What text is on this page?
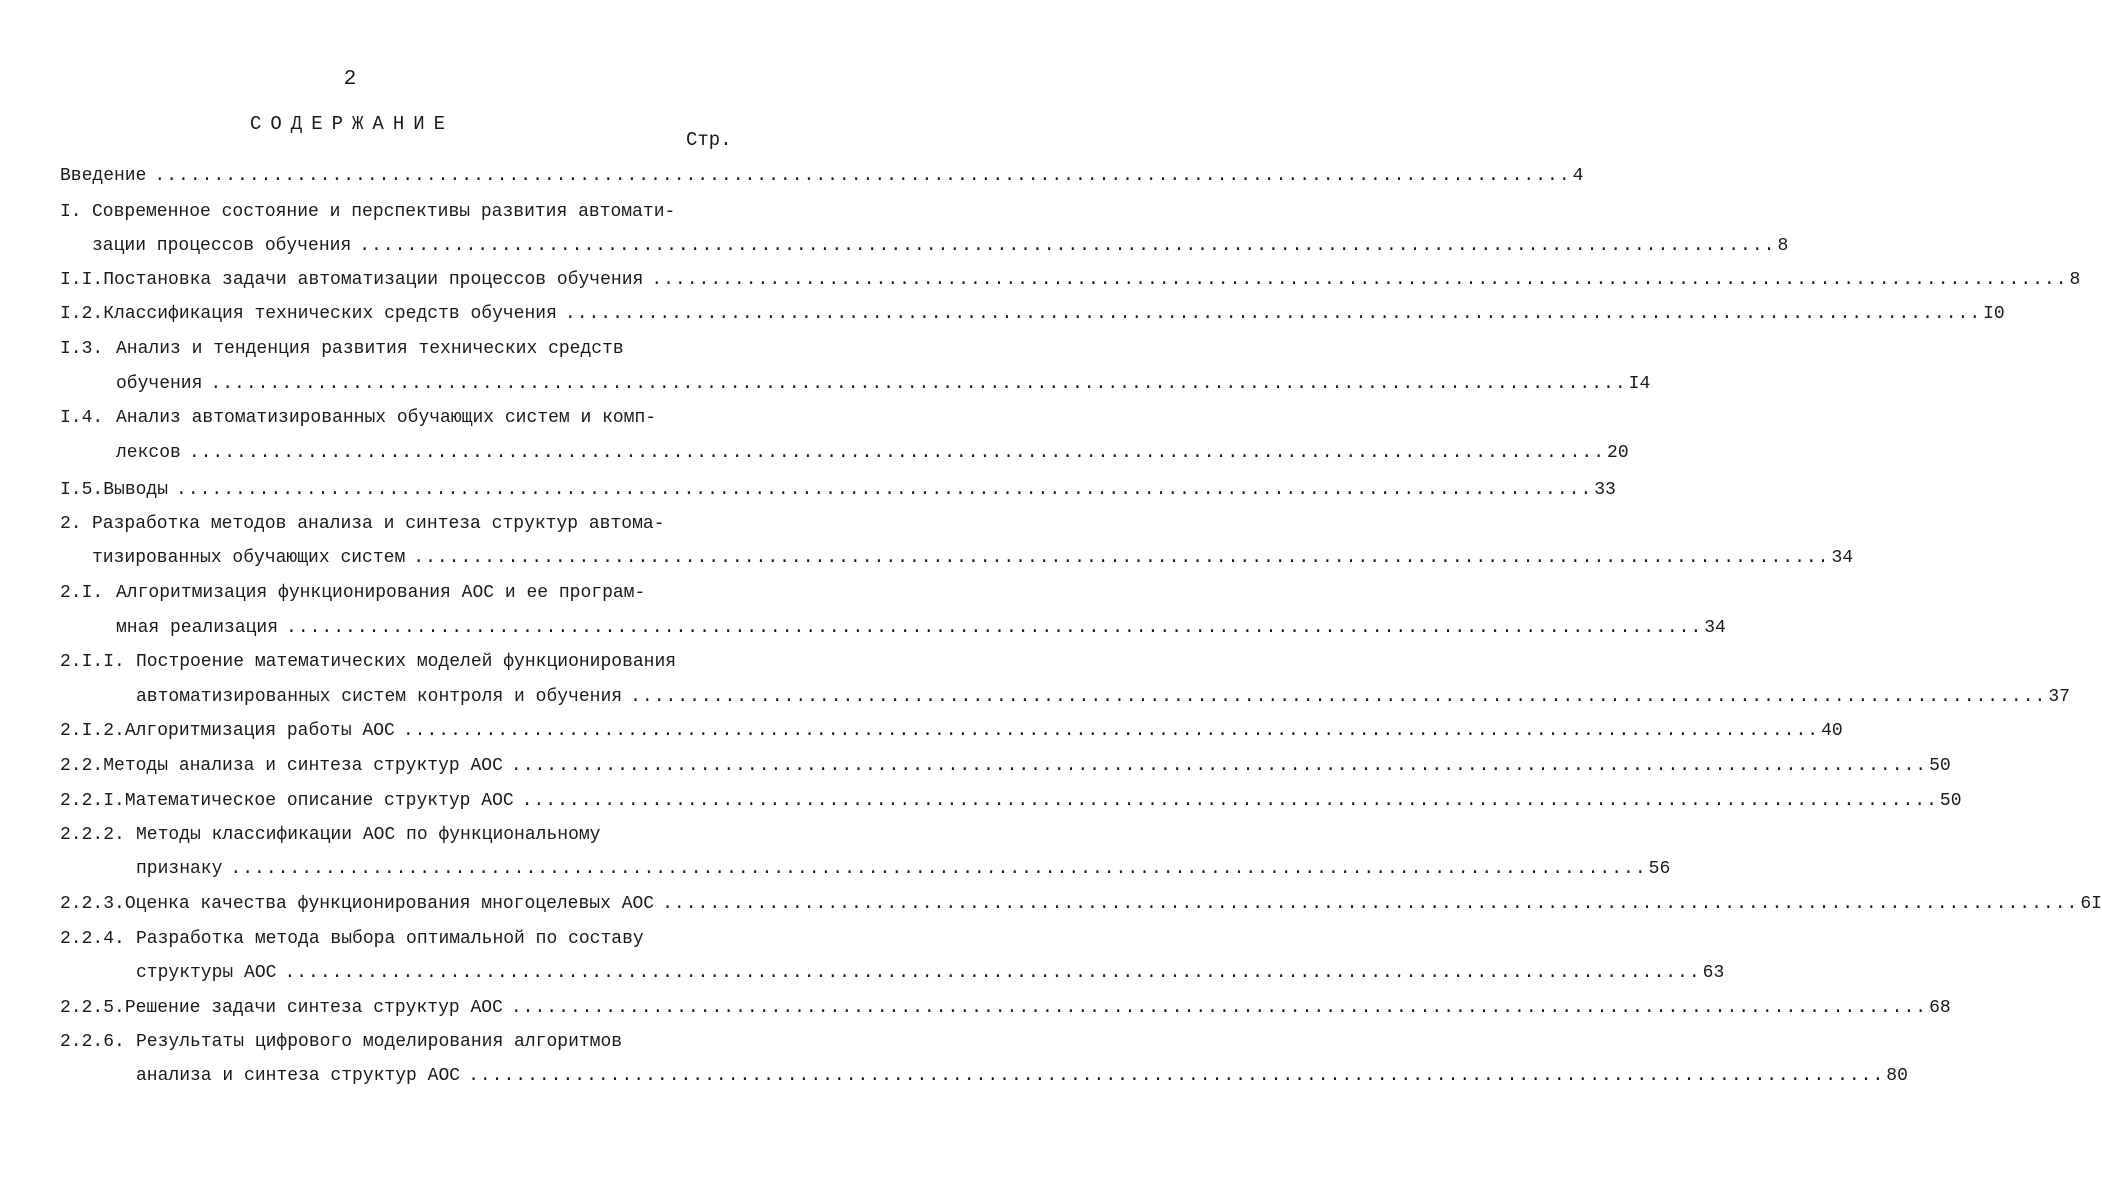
2
СОДЕРЖАНИЕ
Стр.
Введение ........................................................................................................................ 4
I. Современное состояние и перспективы развития автомати-
зации процессов обучения ........................................................................................................................ 8
I.I. Постановка задачи автоматизации процессов обучения ........................................................................................................................ 8
I.2. Классификация технических средств обучения ........................................................................................................................ I0
I.3. Анализ и тенденция развития технических средств
обучения ........................................................................................................................ I4
I.4. Анализ автоматизированных обучающих систем и комп-
лексов ........................................................................................................................ 20
I.5. Выводы ........................................................................................................................ 33
2. Разработка методов анализа и синтеза структур автома-
тизированных обучающих систем ........................................................................................................................ 34
2.I. Алгоритмизация функционирования АОС и ее програм-
мная реализация ........................................................................................................................ 34
2.I.I. Построение математических моделей функционирования
автоматизированных систем контроля и обучения ........................................................................................................................ 37
2.I.2. Алгоритмизация работы АОС ........................................................................................................................ 40
2.2. Методы анализа и синтеза структур АОС ........................................................................................................................ 50
2.2.I. Математическое описание структур АОС ........................................................................................................................ 50
2.2.2. Методы классификации АОС по функциональному
признаку ........................................................................................................................ 56
2.2.3. Оценка качества функционирования многоцелевых АОС ........................................................................................................................ 6I
2.2.4. Разработка метода выбора оптимальной по составу
структуры АОС ........................................................................................................................ 63
2.2.5. Решение задачи синтеза структур АОС ........................................................................................................................ 68
2.2.6. Результаты цифрового моделирования алгоритмов
анализа и синтеза структур АОС ........................................................................................................................ 80
